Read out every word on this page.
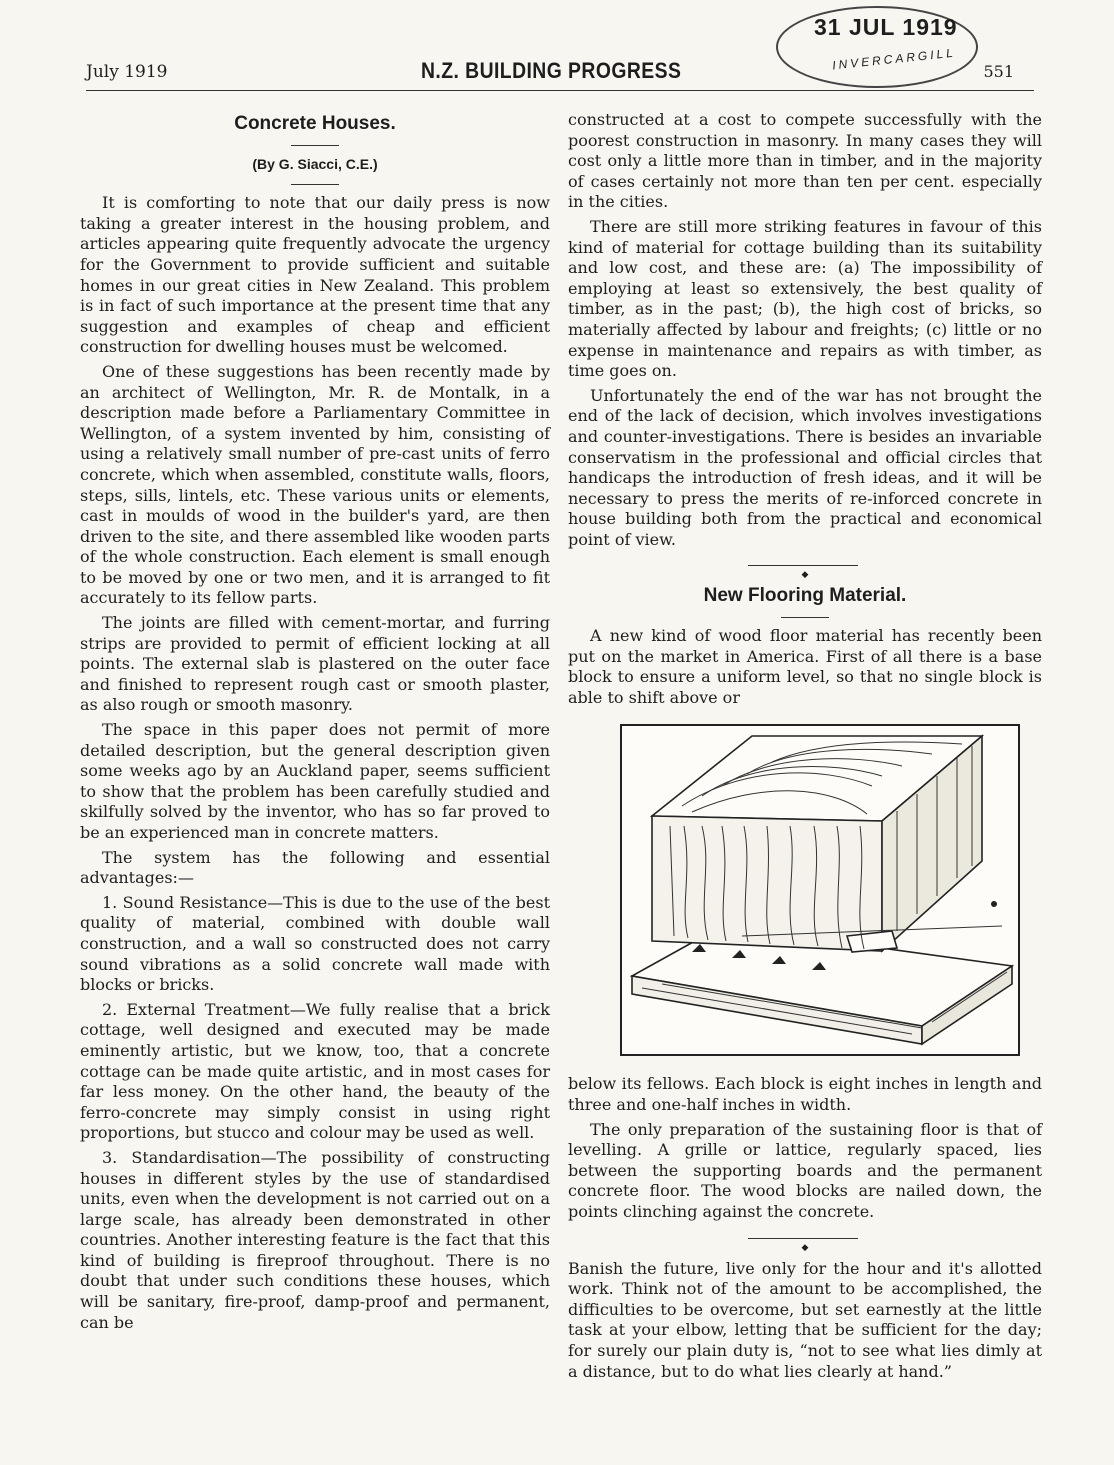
July 1919	N.Z. BUILDING PROGRESS	551
31 JUL 1919
INVERCARGILL
Concrete Houses.
(By G. Siacci, C.E.)

It is comforting to note that our daily press is now taking a greater interest in the housing problem, and articles appearing quite frequently advocate the urgency for the Government to provide sufficient and suitable homes in our great cities in New Zealand. This problem is in fact of such importance at the present time that any suggestion and examples of cheap and efficient construction for dwelling houses must be welcomed.

One of these suggestions has been recently made by an architect of Wellington, Mr. R. de Montalk, in a description made before a Parliamentary Committee in Wellington, of a system invented by him, consisting of using a relatively small number of pre-cast units of ferro concrete, which when assembled, constitute walls, floors, steps, sills, lintels, etc. These various units or elements, cast in moulds of wood in the builder's yard, are then driven to the site, and there assembled like wooden parts of the whole construction. Each element is small enough to be moved by one or two men, and it is arranged to fit accurately to its fellow parts.

The joints are filled with cement-mortar, and furring strips are provided to permit of efficient locking at all points. The external slab is plastered on the outer face and finished to represent rough cast or smooth plaster, as also rough or smooth masonry.

The space in this paper does not permit of more detailed description, but the general description given some weeks ago by an Auckland paper, seems sufficient to show that the problem has been carefully studied and skilfully solved by the inventor, who has so far proved to be an experienced man in concrete matters.

The system has the following and essential advantages:—

1. Sound Resistance—This is due to the use of the best quality of material, combined with double wall construction, and a wall so constructed does not carry sound vibrations as a solid concrete wall made with blocks or bricks.

2. External Treatment—We fully realise that a brick cottage, well designed and executed may be made eminently artistic, but we know, too, that a concrete cottage can be made quite artistic, and in most cases for far less money. On the other hand, the beauty of the ferro-concrete may simply consist in using right proportions, but stucco and colour may be used as well.

3. Standardisation—The possibility of constructing houses in different styles by the use of standardised units, even when the development is not carried out on a large scale, has already been demonstrated in other countries. Another interesting feature is the fact that this kind of building is fireproof throughout. There is no doubt that under such conditions these houses, which will be sanitary, fire-proof, damp-proof and permanent, can be

constructed at a cost to compete successfully with the poorest construction in masonry. In many cases they will cost only a little more than in timber, and in the majority of cases certainly not more than ten per cent. especially in the cities.

There are still more striking features in favour of this kind of material for cottage building than its suitability and low cost, and these are: (a) The impossibility of employing at least so extensively, the best quality of timber, as in the past; (b), the high cost of bricks, so materially affected by labour and freights; (c) little or no expense in maintenance and repairs as with timber, as time goes on.

Unfortunately the end of the war has not brought the end of the lack of decision, which involves investigations and counter-investigations. There is besides an invariable conservatism in the professional and official circles that handicaps the introduction of fresh ideas, and it will be necessary to press the merits of re-inforced concrete in house building both from the practical and economical point of view.

◆
New Flooring Material.

A new kind of wood floor material has recently been put on the market in America. First of all there is a base block to ensure a uniform level, so that no single block is able to shift above or

below its fellows. Each block is eight inches in length and three and one-half inches in width.

The only preparation of the sustaining floor is that of levelling. A grille or lattice, regularly spaced, lies between the supporting boards and the permanent concrete floor. The wood blocks are nailed down, the points clinching against the concrete.

◆

Banish the future, live only for the hour and it's allotted work. Think not of the amount to be accomplished, the difficulties to be overcome, but set earnestly at the little task at your elbow, letting that be sufficient for the day; for surely our plain duty is, “not to see what lies dimly at a distance, but to do what lies clearly at hand.”
